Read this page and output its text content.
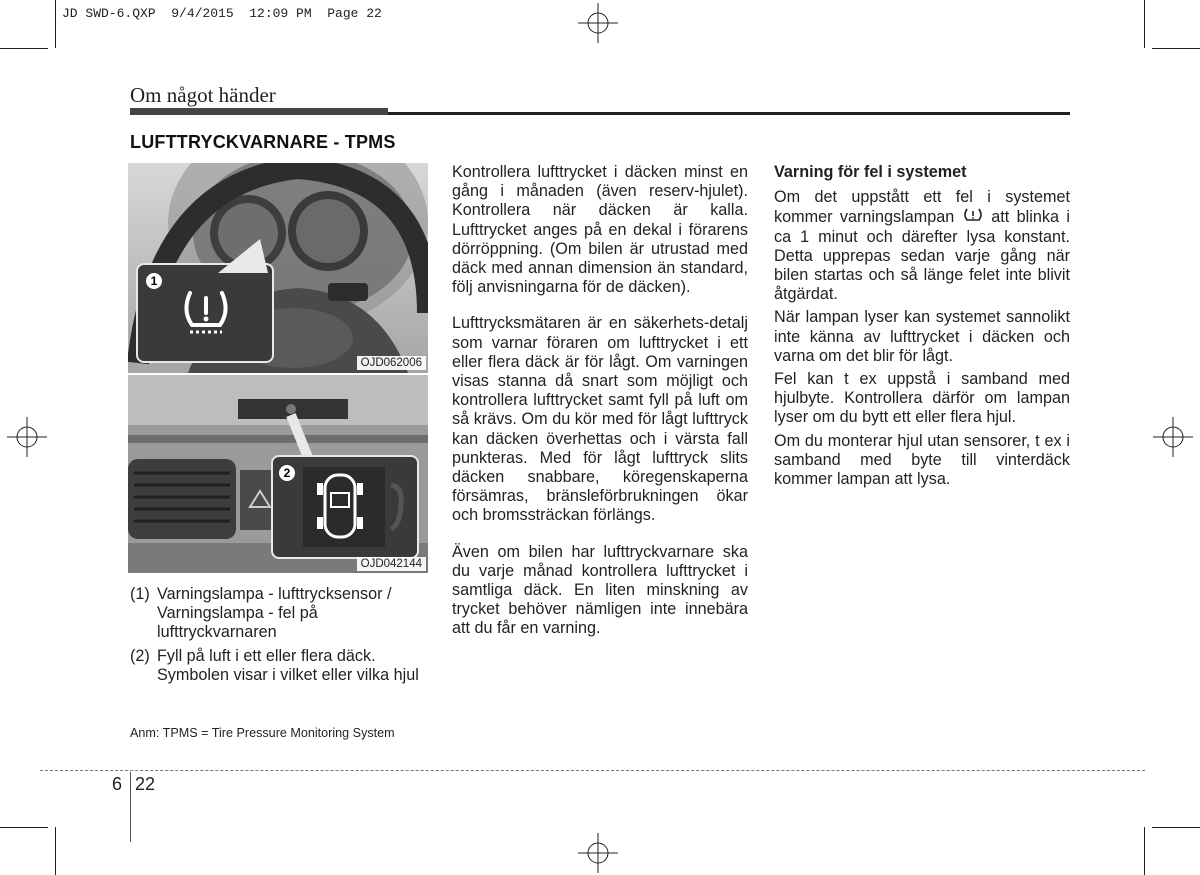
JD SWD-6.QXP  9/4/2015  12:09 PM  Page 22
Om något händer
LUFTTRYCKVARNARE - TPMS
1
OJD062006
2
OJD042144
(1) Varningslampa - lufttrycksensor / Varningslampa - fel på lufttryckvarnaren
(2) Fyll på luft i ett eller flera däck. Symbolen visar i vilket eller vilka hjul
Anm: TPMS = Tire Pressure Monitoring System

Kontrollera lufttrycket i däcken minst en gång i månaden (även reserv-hjulet). Kontrollera när däcken är kalla. Lufttrycket anges på en dekal i förarens dörröppning. (Om bilen är utrustad med däck med annan dimension än standard, följ anvisningarna för de däcken).

Lufttrycksmätaren är en säkerhets-detalj som varnar föraren om lufttrycket i ett eller flera däck är för lågt. Om varningen visas stanna då snart som möjligt och kontrollera lufttrycket samt fyll på luft om så krävs. Om du kör med för lågt lufttryck kan däcken överhettas och i värsta fall punkteras. Med för lågt lufttryck slits däcken snabbare, köregenskaperna försämras, bränsleförbrukningen ökar och bromssträckan förlängs.

Även om bilen har lufttryckvarnare ska du varje månad kontrollera lufttrycket i samtliga däck. En liten minskning av trycket behöver nämligen inte innebära att du får en varning.

Varning för fel i systemet

Om det uppstått ett fel i systemet kommer varningslampan att blinka i ca 1 minut och därefter lysa konstant. Detta upprepas sedan varje gång när bilen startas och så länge felet inte blivit åtgärdat.

När lampan lyser kan systemet sannolikt inte känna av lufttrycket i däcken och varna om det blir för lågt.

Fel kan t ex uppstå i samband med hjulbyte. Kontrollera därför om lampan lyser om du bytt ett eller flera hjul.

Om du monterar hjul utan sensorer, t ex i samband med byte till vinterdäck kommer lampan att lysa.

6 22
